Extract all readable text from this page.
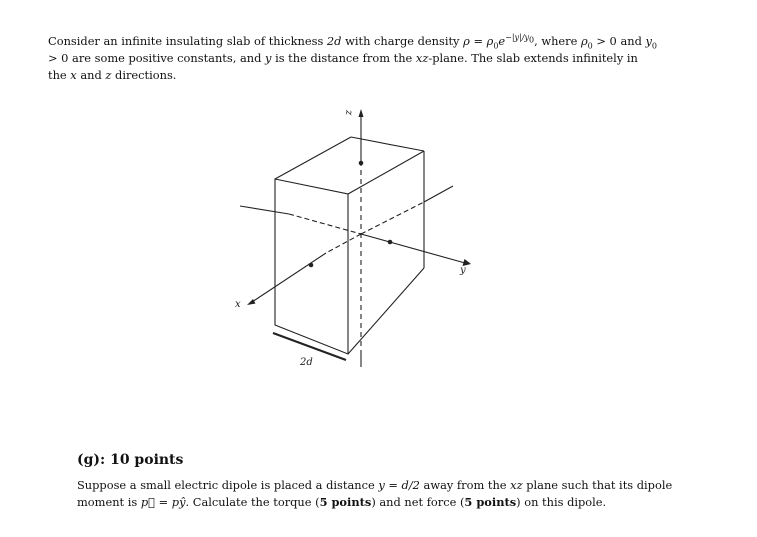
Consider an infinite insulating slab of thickness 2d with charge density $\rho = \rho_0e^{-|y|/y_0}$, where $\rho_0 > 0$ and $y_0 > 0$ are some positive constants, and y is the distance from the xz-plane. The slab extends infinitely in the x and z directions.
z
y
x
2d
(g): 10 points
Suppose a small electric dipole is placed a distance y = d/2 away from the xz plane such that its dipole moment is p⃗ = pŷ. Calculate the torque (5 points) and net force (5 points) on this dipole.
